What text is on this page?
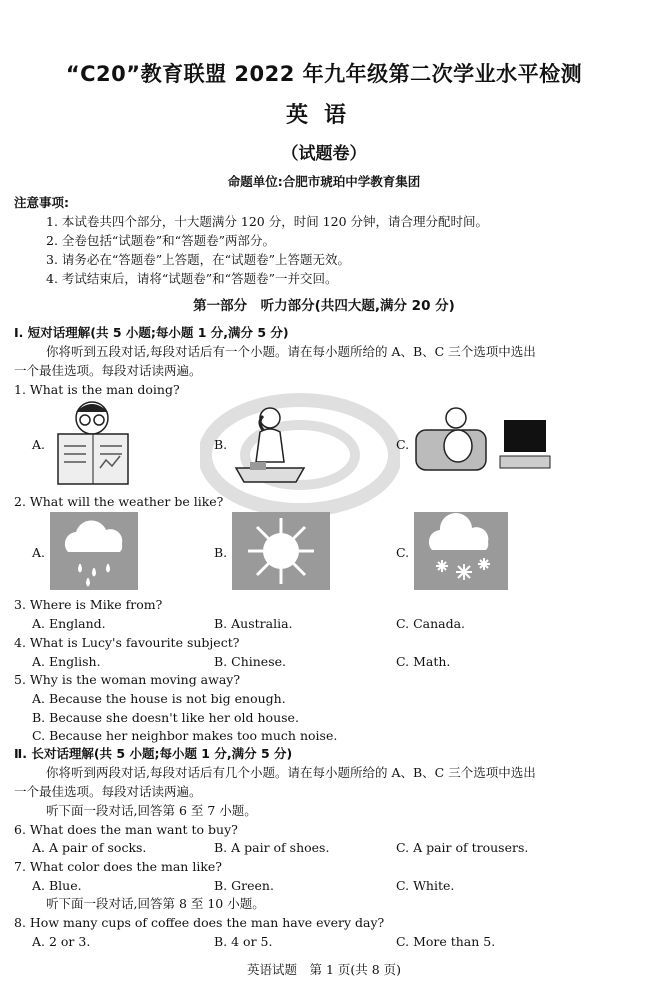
“C20”教育联盟 2022 年九年级第二次学业水平检测
英语
（试题卷）
命题单位:合肥市琥珀中学教育集团
注意事项:
1. 本试卷共四个部分，十大题满分 120 分，时间 120 分钟，请合理分配时间。
2. 全卷包括“试题卷”和“答题卷”两部分。
3. 请务必在“答题卷”上答题，在“试题卷”上答题无效。
4. 考试结束后，请将“试题卷”和“答题卷”一并交回。
第一部分　听力部分(共四大题,满分 20 分)
Ⅰ. 短对话理解(共 5 小题;每小题 1 分,满分 5 分)
你将听到五段对话,每段对话后有一个小题。请在每小题所给的 A、B、C 三个选项中选出
一个最佳选项。每段对话读两遍。
1. What is the man doing?
A.	B.	C.
2. What will the weather be like?
A.	B.	C.
3. Where is Mike from?
A. England.	B. Australia.	C. Canada.
4. What is Lucy's favourite subject?
A. English.	B. Chinese.	C. Math.
5. Why is the woman moving away?
A. Because the house is not big enough.
B. Because she doesn't like her old house.
C. Because her neighbor makes too much noise.
Ⅱ. 长对话理解(共 5 小题;每小题 1 分,满分 5 分)
你将听到两段对话,每段对话后有几个小题。请在每小题所给的 A、B、C 三个选项中选出
一个最佳选项。每段对话读两遍。
听下面一段对话,回答第 6 至 7 小题。
6. What does the man want to buy?
A. A pair of socks.	B. A pair of shoes.	C. A pair of trousers.
7. What color does the man like?
A. Blue.	B. Green.	C. White.
听下面一段对话,回答第 8 至 10 小题。
8. How many cups of coffee does the man have every day?
A. 2 or 3.	B. 4 or 5.	C. More than 5.
英语试题　第 1 页(共 8 页)
